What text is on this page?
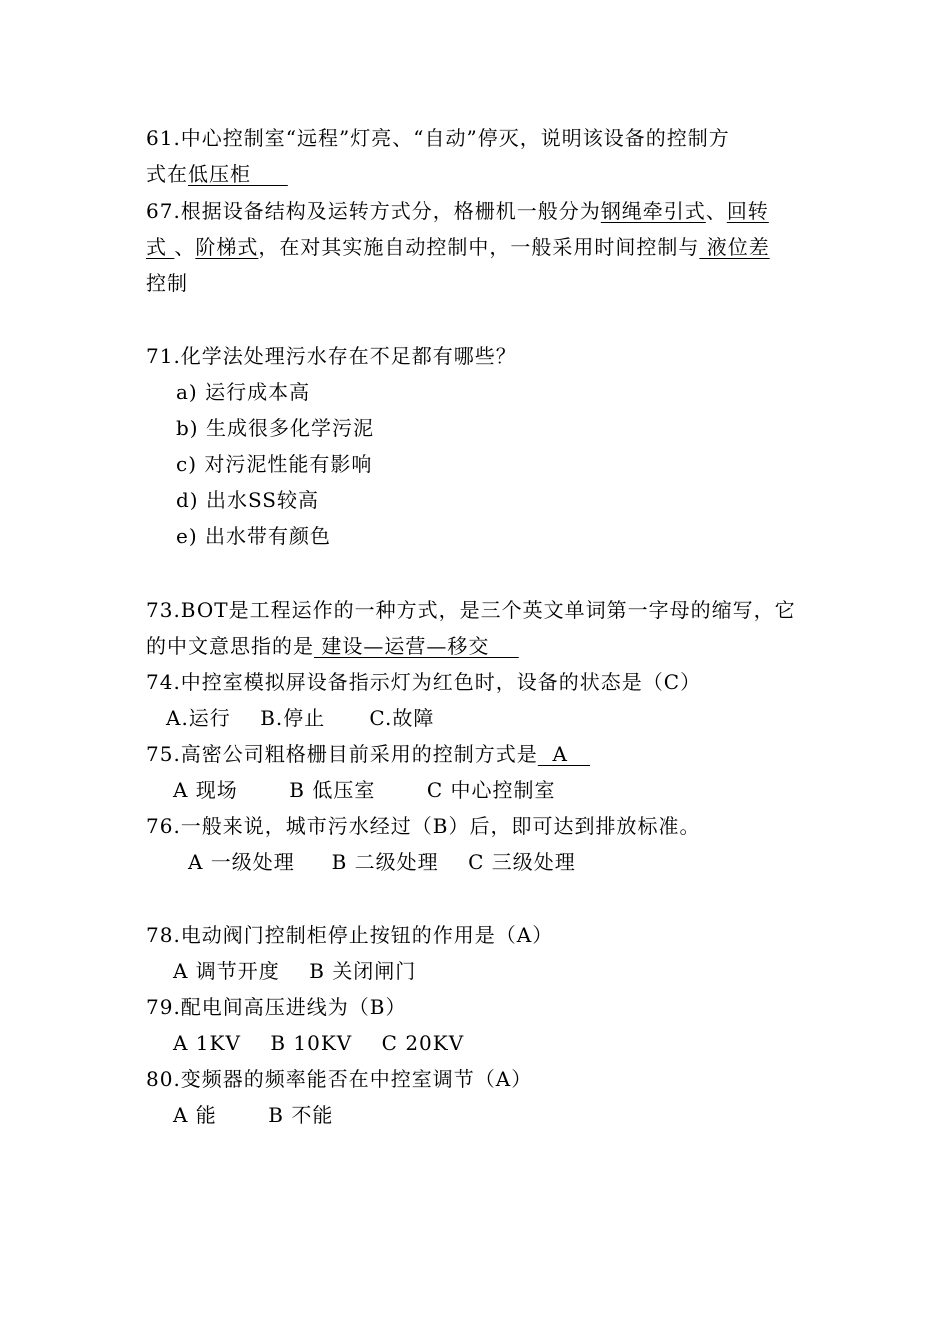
61.中心控制室“远程”灯亮、“自动”停灭，说明该设备的控制方
式在低压柜
67.根据设备结构及运转方式分，格栅机一般分为钢绳牵引式、回转
式 、阶梯式，在对其实施自动控制中，一般采用时间控制与 液位差
控制
71.化学法处理污水存在不足都有哪些？
a) 运行成本高
b) 生成很多化学污泥
c) 对污泥性能有影响
d) 出水SS较高
e) 出水带有颜色
73.BOT是工程运作的一种方式，是三个英文单词第一字母的缩写，它
的中文意思指的是 建设—运营—移交
74.中控室模拟屏设备指示灯为红色时，设备的状态是（C）
A.运行    B.停止      C.故障
75.高密公司粗格栅目前采用的控制方式是  A
A 现场       B 低压室       C 中心控制室
76.一般来说，城市污水经过（B）后，即可达到排放标准。
A 一级处理     B 二级处理    C 三级处理
78.电动阀门控制柜停止按钮的作用是（A）
A 调节开度    B 关闭闸门
79.配电间高压进线为（B）
A 1KV    B 10KV    C 20KV
80.变频器的频率能否在中控室调节（A）
A 能       B 不能
